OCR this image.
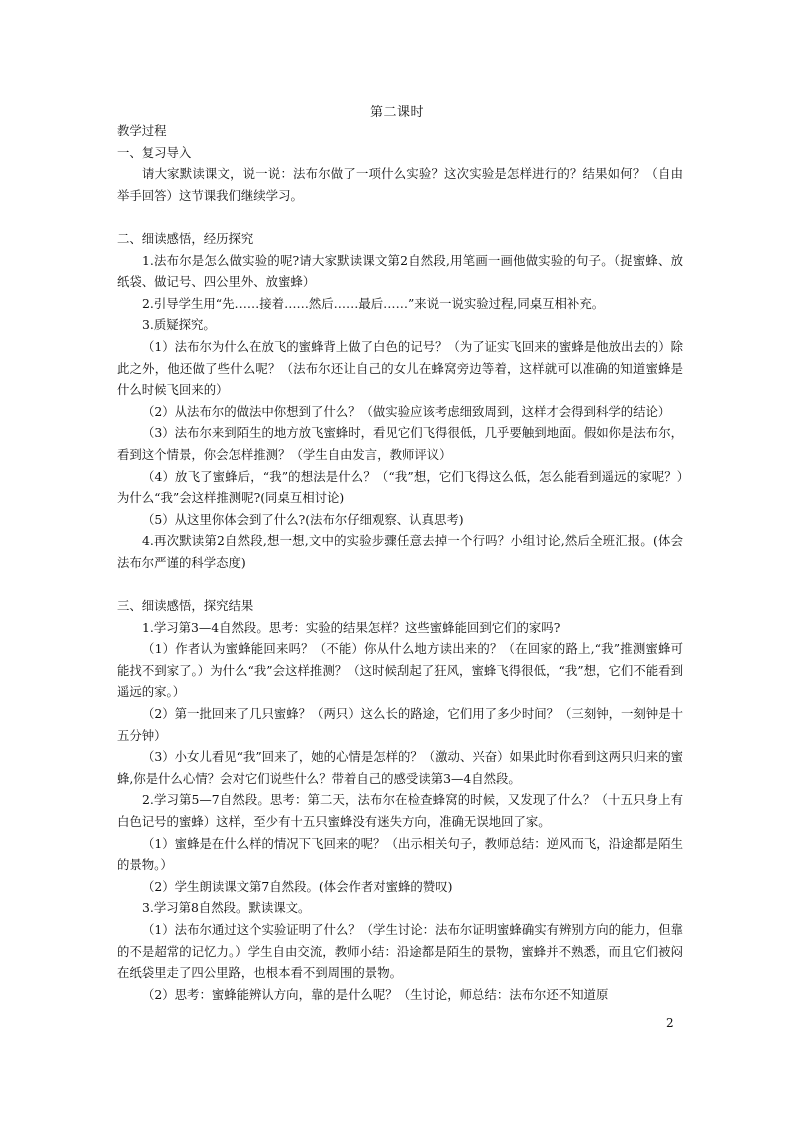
第二课时

教学过程

一、复习导入

请大家默读课文，说一说：法布尔做了一项什么实验？这次实验是怎样进行的？结果如何？（自由举手回答）这节课我们继续学习。

二、细读感悟，经历探究

1.法布尔是怎么做实验的呢?请大家默读课文第2自然段,用笔画一画他做实验的句子。（捉蜜蜂、放纸袋、做记号、四公里外、放蜜蜂）

2.引导学生用“先……接着……然后……最后……”来说一说实验过程,同桌互相补充。

3.质疑探究。

（1）法布尔为什么在放飞的蜜蜂背上做了白色的记号？（为了证实飞回来的蜜蜂是他放出去的）除此之外，他还做了些什么呢？（法布尔还让自己的女儿在蜂窝旁边等着，这样就可以准确的知道蜜蜂是什么时候飞回来的）

（2）从法布尔的做法中你想到了什么？（做实验应该考虑细致周到，这样才会得到科学的结论）

（3）法布尔来到陌生的地方放飞蜜蜂时，看见它们飞得很低，几乎要触到地面。假如你是法布尔，看到这个情景，你会怎样推测？（学生自由发言，教师评议）

（4）放飞了蜜蜂后，“我”的想法是什么？（“我”想，它们飞得这么低，怎么能看到遥远的家呢？）为什么“我”会这样推测呢?(同桌互相讨论)

（5）从这里你体会到了什么?(法布尔仔细观察、认真思考)

4.再次默读第2自然段,想一想,文中的实验步骤任意去掉一个行吗？小组讨论,然后全班汇报。(体会法布尔严谨的科学态度)

三、细读感悟，探究结果

1.学习第3—4自然段。思考：实验的结果怎样？这些蜜蜂能回到它们的家吗?

（1）作者认为蜜蜂能回来吗？（不能）你从什么地方读出来的？（在回家的路上,“我”推测蜜蜂可能找不到家了。）为什么“我”会这样推测？（这时候刮起了狂风，蜜蜂飞得很低，“我”想，它们不能看到遥远的家。）

（2）第一批回来了几只蜜蜂？（两只）这么长的路途，它们用了多少时间？（三刻钟，一刻钟是十五分钟）

（3）小女儿看见“我”回来了，她的心情是怎样的？（激动、兴奋）如果此时你看到这两只归来的蜜蜂,你是什么心情？会对它们说些什么？带着自己的感受读第3—4自然段。

2.学习第5—7自然段。思考：第二天，法布尔在检查蜂窝的时候，又发现了什么？（十五只身上有白色记号的蜜蜂）这样，至少有十五只蜜蜂没有迷失方向，准确无误地回了家。

（1）蜜蜂是在什么样的情况下飞回来的呢？（出示相关句子，教师总结：逆风而飞，沿途都是陌生的景物。）

（2）学生朗读课文第7自然段。(体会作者对蜜蜂的赞叹)

3.学习第8自然段。默读课文。

（1）法布尔通过这个实验证明了什么？（学生讨论：法布尔证明蜜蜂确实有辨别方向的能力，但靠的不是超常的记忆力。）学生自由交流，教师小结：沿途都是陌生的景物，蜜蜂并不熟悉，而且它们被闷在纸袋里走了四公里路，也根本看不到周围的景物。

（2）思考：蜜蜂能辨认方向，靠的是什么呢？（生讨论，师总结：法布尔还不知道原

2
